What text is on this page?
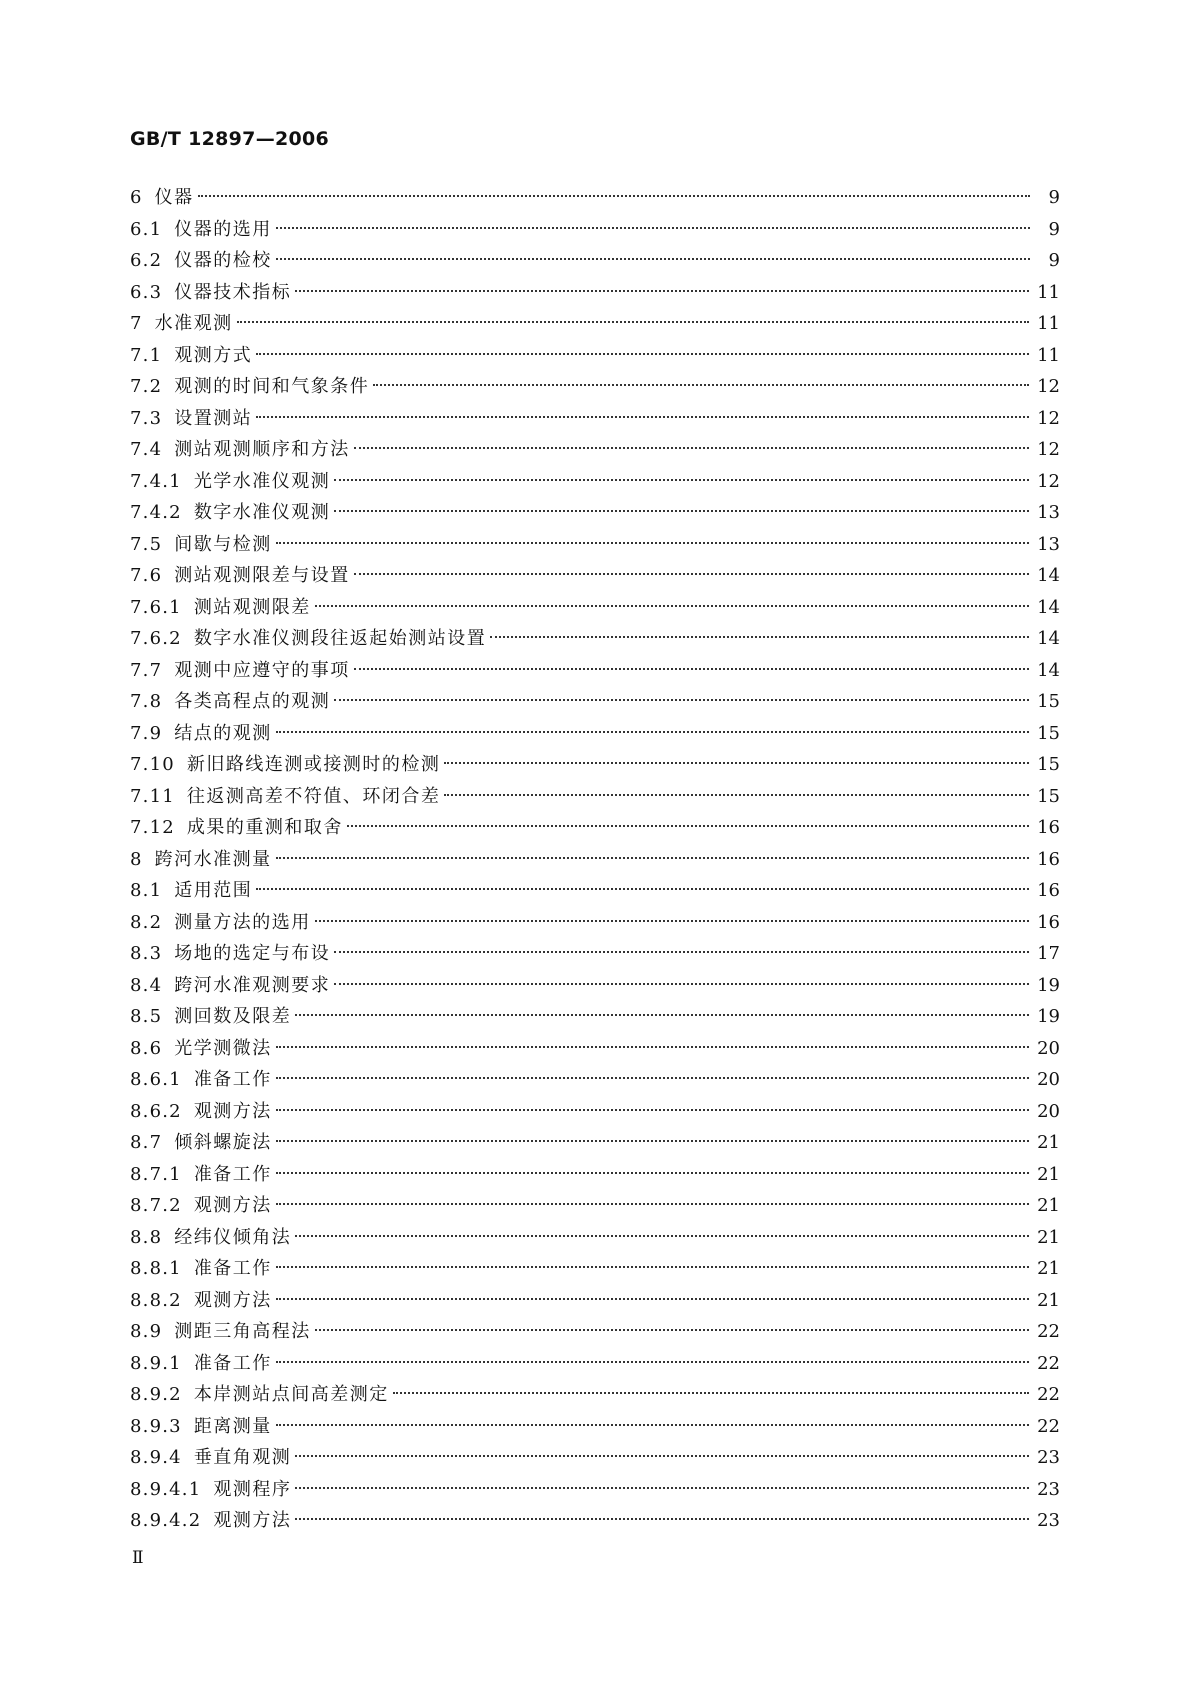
GB/T 12897—2006
6 仪器	9
6.1 仪器的选用	9
6.2 仪器的检校	9
6.3 仪器技术指标	11
7 水准观测	11
7.1 观测方式	11
7.2 观测的时间和气象条件	12
7.3 设置测站	12
7.4 测站观测顺序和方法	12
7.4.1 光学水准仪观测	12
7.4.2 数字水准仪观测	13
7.5 间歇与检测	13
7.6 测站观测限差与设置	14
7.6.1 测站观测限差	14
7.6.2 数字水准仪测段往返起始测站设置	14
7.7 观测中应遵守的事项	14
7.8 各类高程点的观测	15
7.9 结点的观测	15
7.10 新旧路线连测或接测时的检测	15
7.11 往返测高差不符值、环闭合差	15
7.12 成果的重测和取舍	16
8 跨河水准测量	16
8.1 适用范围	16
8.2 测量方法的选用	16
8.3 场地的选定与布设	17
8.4 跨河水准观测要求	19
8.5 测回数及限差	19
8.6 光学测微法	20
8.6.1 准备工作	20
8.6.2 观测方法	20
8.7 倾斜螺旋法	21
8.7.1 准备工作	21
8.7.2 观测方法	21
8.8 经纬仪倾角法	21
8.8.1 准备工作	21
8.8.2 观测方法	21
8.9 测距三角高程法	22
8.9.1 准备工作	22
8.9.2 本岸测站点间高差测定	22
8.9.3 距离测量	22
8.9.4 垂直角观测	23
8.9.4.1 观测程序	23
8.9.4.2 观测方法	23
Ⅱ
